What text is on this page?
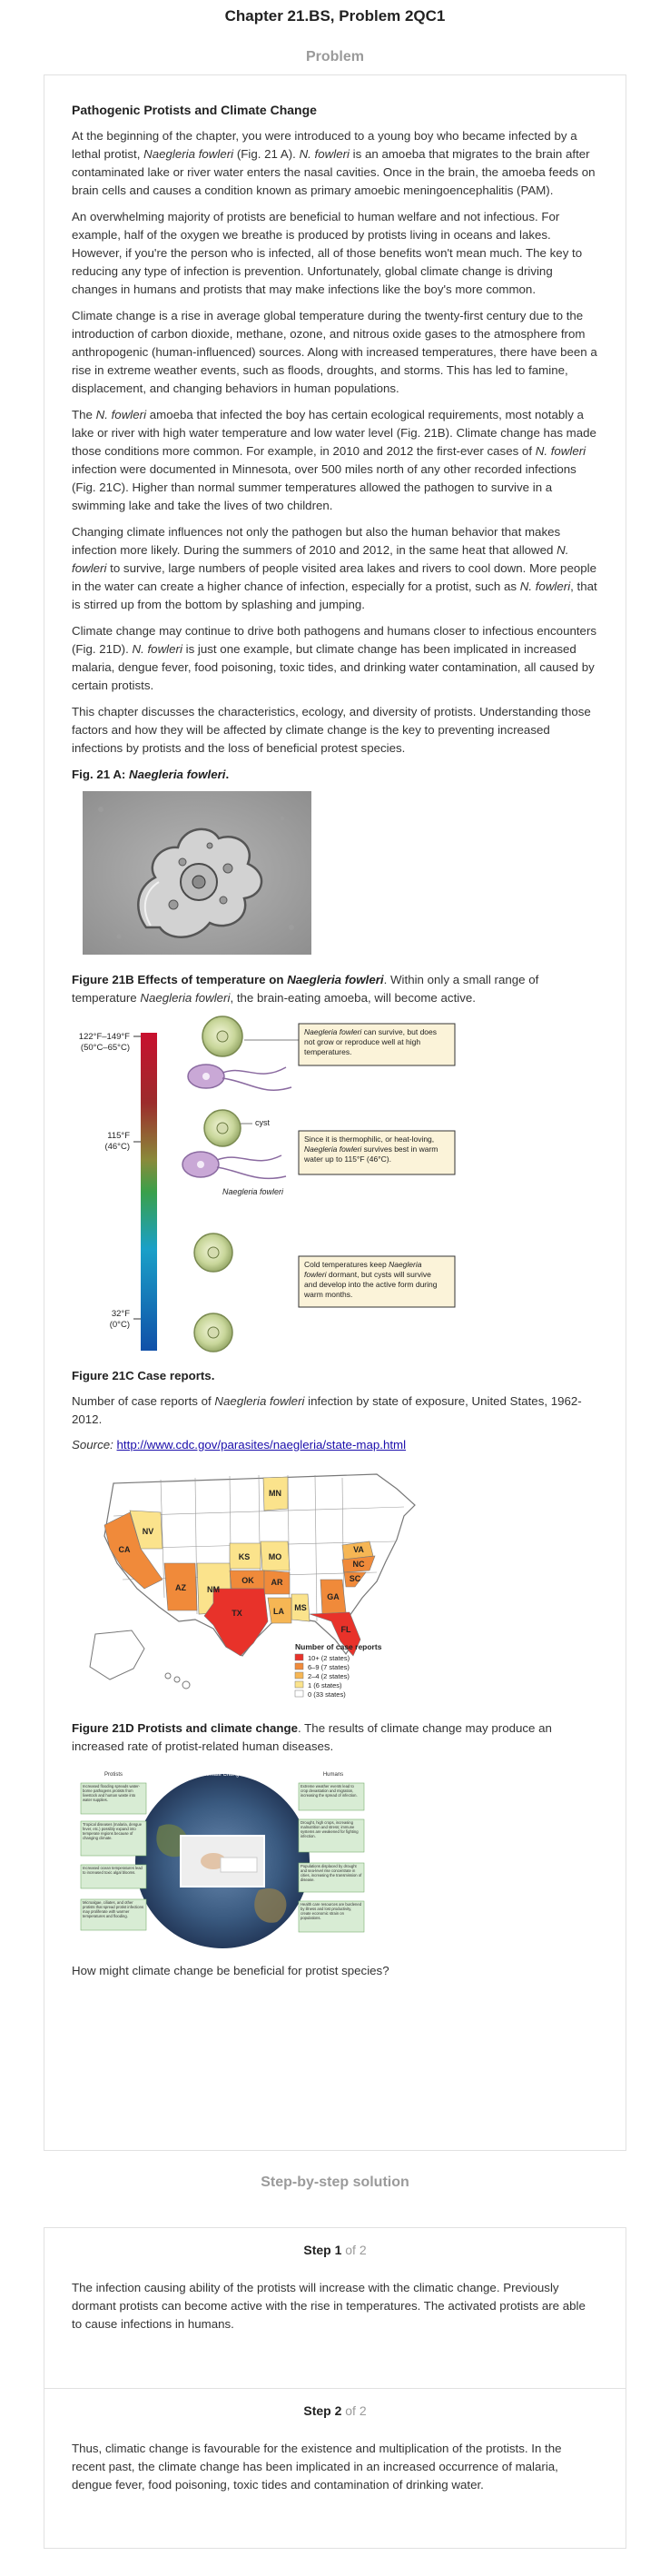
Chapter 21.BS, Problem 2QC1
Problem
Pathogenic Protists and Climate Change

At the beginning of the chapter, you were introduced to a young boy who became infected by a lethal protist, Naegleria fowleri (Fig. 21 A). N. fowleri is an amoeba that migrates to the brain after contaminated lake or river water enters the nasal cavities. Once in the brain, the amoeba feeds on brain cells and causes a condition known as primary amoebic meningoencephalitis (PAM).

An overwhelming majority of protists are beneficial to human welfare and not infectious. For example, half of the oxygen we breathe is produced by protists living in oceans and lakes. However, if you're the person who is infected, all of those benefits won't mean much. The key to reducing any type of infection is prevention. Unfortunately, global climate change is driving changes in humans and protists that may make infections like the boy's more common.

Climate change is a rise in average global temperature during the twenty-first century due to the introduction of carbon dioxide, methane, ozone, and nitrous oxide gases to the atmosphere from anthropogenic (human-influenced) sources. Along with increased temperatures, there have been a rise in extreme weather events, such as floods, droughts, and storms. This has led to famine, displacement, and changing behaviors in human populations.

The N. fowleri amoeba that infected the boy has certain ecological requirements, most notably a lake or river with high water temperature and low water level (Fig. 21B). Climate change has made those conditions more common. For example, in 2010 and 2012 the first-ever cases of N. fowleri infection were documented in Minnesota, over 500 miles north of any other recorded infections (Fig. 21C). Higher than normal summer temperatures allowed the pathogen to survive in a swimming lake and take the lives of two children.

Changing climate influences not only the pathogen but also the human behavior that makes infection more likely. During the summers of 2010 and 2012, in the same heat that allowed N. fowleri to survive, large numbers of people visited area lakes and rivers to cool down. More people in the water can create a higher chance of infection, especially for a protist, such as N. fowleri, that is stirred up from the bottom by splashing and jumping.

Climate change may continue to drive both pathogens and humans closer to infectious encounters (Fig. 21D). N. fowleri is just one example, but climate change has been implicated in increased malaria, dengue fever, food poisoning, toxic tides, and drinking water contamination, all caused by certain protists.

This chapter discusses the characteristics, ecology, and diversity of protists. Understanding those factors and how they will be affected by climate change is the key to preventing increased infections by protists and the loss of beneficial protest species.

Fig. 21 A: Naegleria fowleri.
Figure 21B Effects of temperature on Naegleria fowleri. Within only a small range of temperature Naegleria fowleri, the brain-eating amoeba, will become active.
122°F–149°F
(50°C–65°C)
115°F
(46°C)
32°F
(0°C)
cyst
Naegleria fowleri
Naegleria fowleri can survive, but does
not grow or reproduce well at high
temperatures.
Since it is thermophilic, or heat-loving,
Naegleria fowleri survives best in warm
water up to 115°F (46°C).
Cold temperatures keep Naegleria
fowleri dormant, but cysts will survive
and develop into the active form during
warm months.
Figure 21C Case reports.
Number of case reports of Naegleria fowleri infection by state of exposure, United States, 1962-2012.
Source: http://www.cdc.gov/parasites/naegleria/state-map.html
MN
NV
CA
KS MO
VA
NC
AZ	NM
OK AR	SC
TX
MS
GA
LA
FL
Number of case reports
10+ (2 states)
6–9 (7 states)
2–4 (2 states)
1 (6 states)
0 (33 states)
Figure 21D Protists and climate change. The results of climate change may produce an increased rate of protist-related human diseases.
Protists	Climate Change	Humans
Increased flooding spreads water-borne pathogens protists from livestock and human waste into water supplies.
Tropical diseases (malaria, dengue fever, etc.) possibly expand into temperate regions because of changing climate.
Increased ocean temperatures lead to increased toxic algal blooms.
Microalgae, ciliates, and other protists that spread protist infections may proliferate with warmer temperatures and flooding.
Extreme weather events lead to crop devastation and migration, increasing the spread of infection.
Drought, high crops, increasing malnutrition and stress; immune systems are weakened for fighting infection.
Populations displaced by drought and sea-level rise concentrate in cities, increasing the transmission of disease.
Health care resources are burdened by illness and lost productivity, create economic strain on populations.

How might climate change be beneficial for protist species?

Step-by-step solution
Step 1 of 2

The infection causing ability of the protists will increase with the climatic change. Previously dormant protists can become active with the rise in temperatures. The activated protists are able to cause infections in humans.

Step 2 of 2

Thus, climatic change is favourable for the existence and multiplication of the protists. In the recent past, the climate change has been implicated in an increased occurrence of malaria, dengue fever, food poisoning, toxic tides and contamination of drinking water.
